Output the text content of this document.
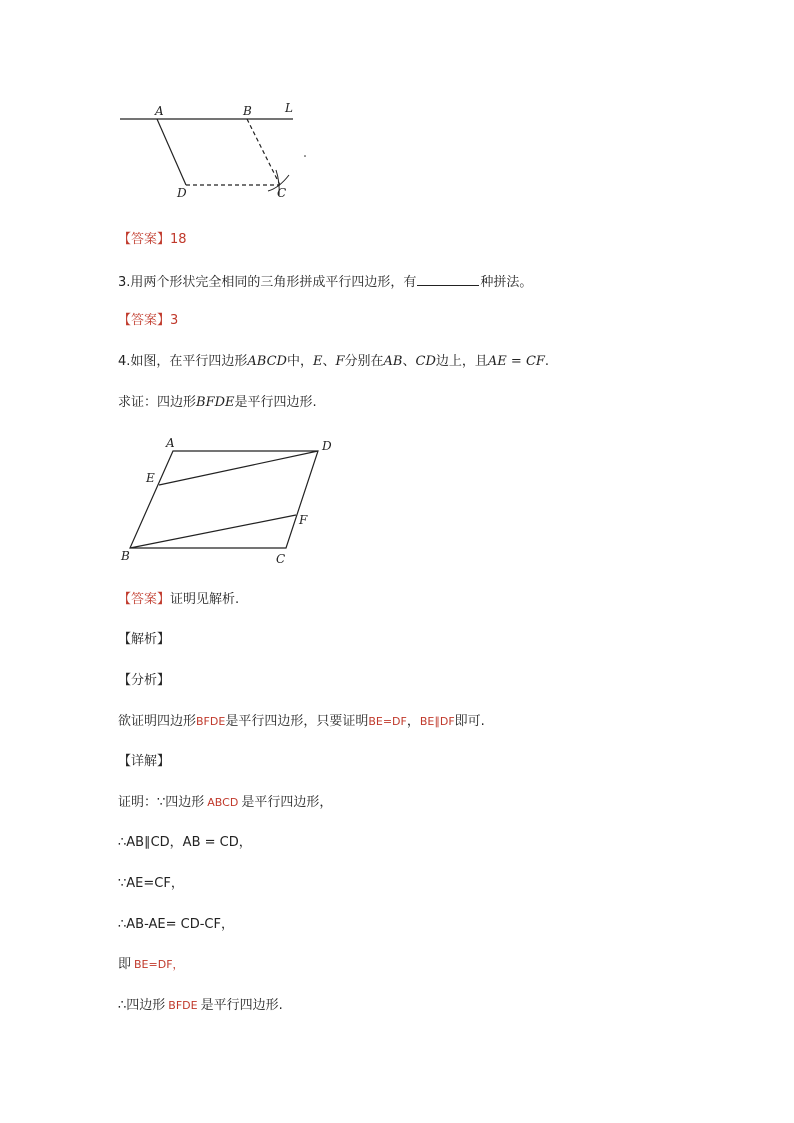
A	B	L
D	C
【答案】18
3.用两个形状完全相同的三角形拼成平行四边形，有	种拼法。
【答案】3
4.如图，在平行四边形ABCD中，E、F分别在AB、CD边上，且AE = CF.
求证：四边形BFDE是平行四边形.
A	D
E
F
B	C
【答案】证明见解析.
【解析】
【分析】
欲证明四边形BFDE是平行四边形，只要证明BE=DF，BE∥DF即可.
【详解】
证明：∵四边形 ABCD 是平行四边形，
∴AB∥CD，AB = CD，
∵AE=CF，
∴AB-AE= CD-CF，
即 BE=DF，
∴四边形 BFDE 是平行四边形.
